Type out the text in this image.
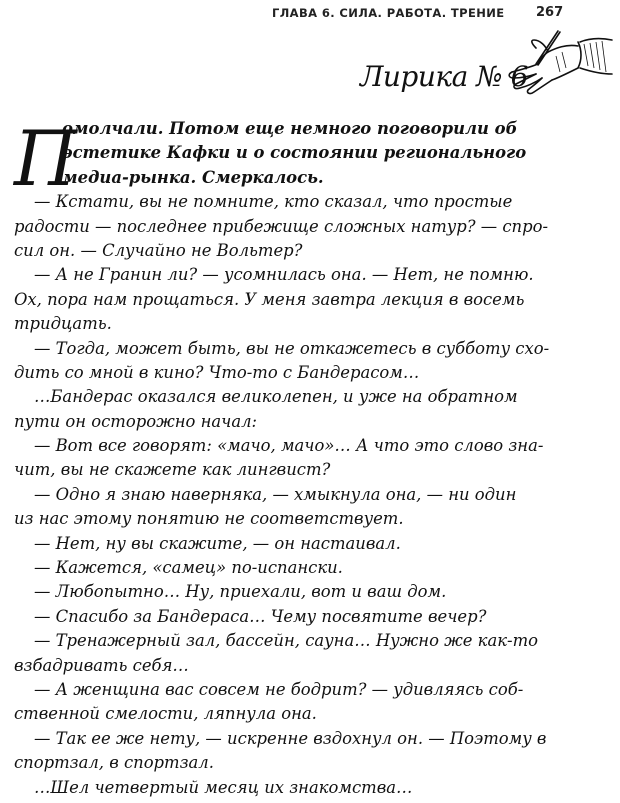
ГЛАВА 6. СИЛА. РАБОТА. ТРЕНИЕ 267
Лирика № 6
П
омолчали. Потом еще немного поговорили об
эстетике Кафки и о состоянии регионального
медиа-рынка. Смеркалось.
— Кстати, вы не помните, кто сказал, что простые
радости — последнее прибежище сложных натур? — спро-
сил он. — Случайно не Вольтер?
— А не Гранин ли? — усомнилась она. — Нет, не помню.
Ох, пора нам прощаться. У меня завтра лекция в восемь
тридцать.
— Тогда, может быть, вы не откажетесь в субботу схо-
дить со мной в кино? Что-то с Бандерасом…
…Бандерас оказался великолепен, и уже на обратном
пути он осторожно начал:
— Вот все говорят: «мачо, мачо»… А что это слово зна-
чит, вы не скажете как лингвист?
— Одно я знаю наверняка, — хмыкнула она, — ни один
из нас этому понятию не соответствует.
— Нет, ну вы скажите, — он настаивал.
— Кажется, «самец» по-испански.
— Любопытно… Ну, приехали, вот и ваш дом.
— Спасибо за Бандераса… Чему посвятите вечер?
— Тренажерный зал, бассейн, сауна… Нужно же как-то
взбадривать себя…
— А женщина вас совсем не бодрит? — удивляясь соб-
ственной смелости, ляпнула она.
— Так ее же нету, — искренне вздохнул он. — Поэтому в
спортзал, в спортзал.
…Шел четвертый месяц их знакомства…
